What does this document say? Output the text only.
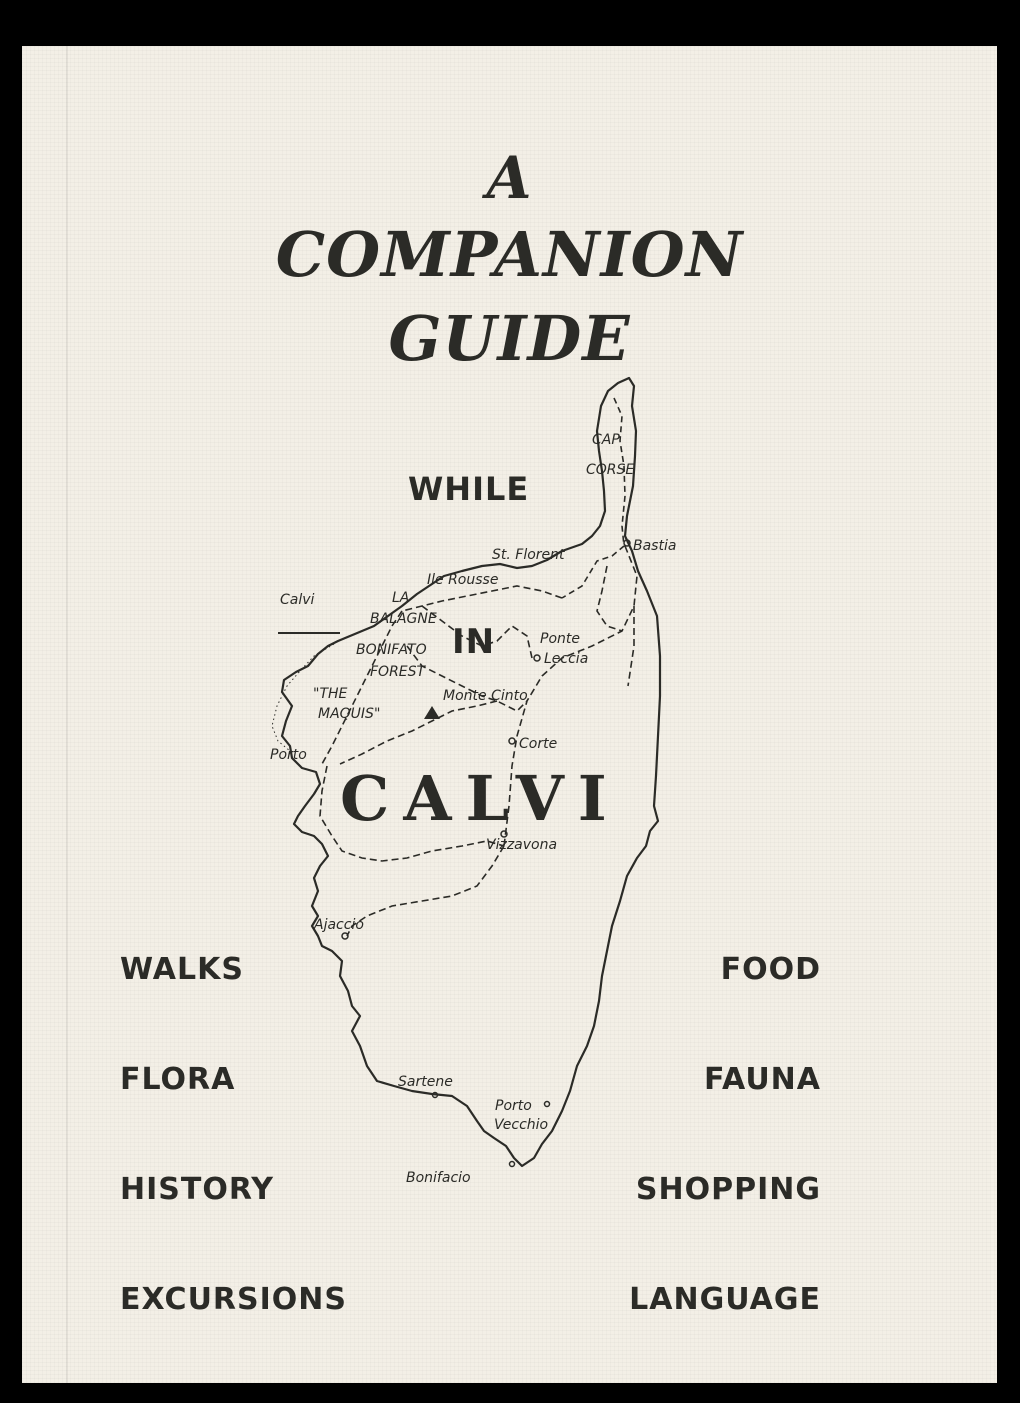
CAP
CORSE
Bastia
St. Florent
Ile Rousse
Calvi	LA
BALAGNE
Ponte
Leccia
BONIFATO
FOREST
"THE
MAQUIS"
Monte Cinto
Corte
Porto
Vizzavona
Ajaccio
Sartene
Porto
Vecchio
Bonifacio
A
COMPANION
GUIDE
WHILE
IN
CALVI
WALKS
FLORA
HISTORY
EXCURSIONS
FOOD
FAUNA
SHOPPING
LANGUAGE
